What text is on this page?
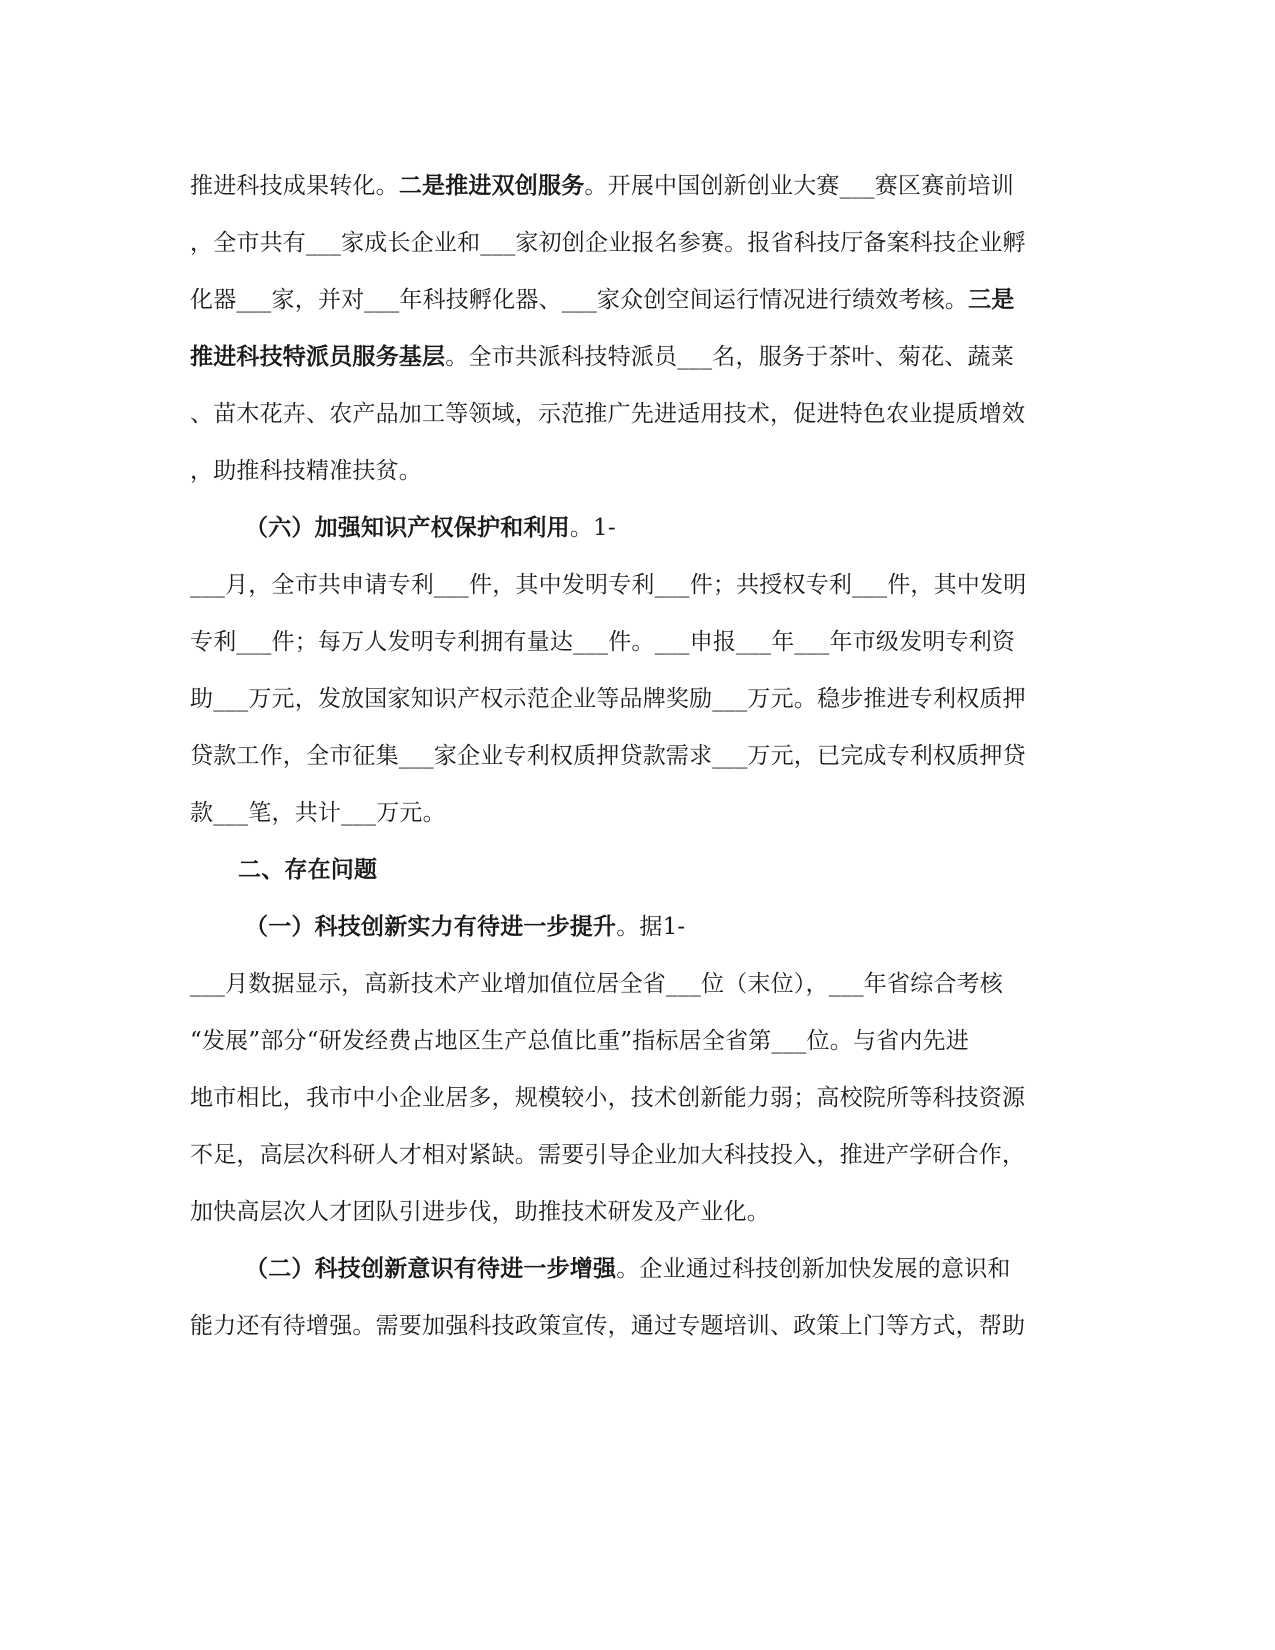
推进科技成果转化。二是推进双创服务。开展中国创新创业大赛___赛区赛前培训
，全市共有___家成长企业和___家初创企业报名参赛。报省科技厅备案科技企业孵
化器___家，并对___年科技孵化器、___家众创空间运行情况进行绩效考核。三是
推进科技特派员服务基层。全市共派科技特派员___名，服务于茶叶、菊花、蔬菜
、苗木花卉、农产品加工等领域，示范推广先进适用技术，促进特色农业提质增效
，助推科技精准扶贫。
（六）加强知识产权保护和利用。1-
___月，全市共申请专利___件，其中发明专利___件；共授权专利___件，其中发明
专利___件；每万人发明专利拥有量达___件。___申报___年___年市级发明专利资
助___万元，发放国家知识产权示范企业等品牌奖励___万元。稳步推进专利权质押
贷款工作，全市征集___家企业专利权质押贷款需求___万元，已完成专利权质押贷
款___笔，共计___万元。
二、存在问题
（一）科技创新实力有待进一步提升。据1-
___月数据显示，高新技术产业增加值位居全省___位（末位），___年省综合考核
“发展”部分“研发经费占地区生产总值比重”指标居全省第___位。与省内先进
地市相比，我市中小企业居多，规模较小，技术创新能力弱；高校院所等科技资源
不足，高层次科研人才相对紧缺。需要引导企业加大科技投入，推进产学研合作，
加快高层次人才团队引进步伐，助推技术研发及产业化。
（二）科技创新意识有待进一步增强。企业通过科技创新加快发展的意识和
能力还有待增强。需要加强科技政策宣传，通过专题培训、政策上门等方式，帮助
